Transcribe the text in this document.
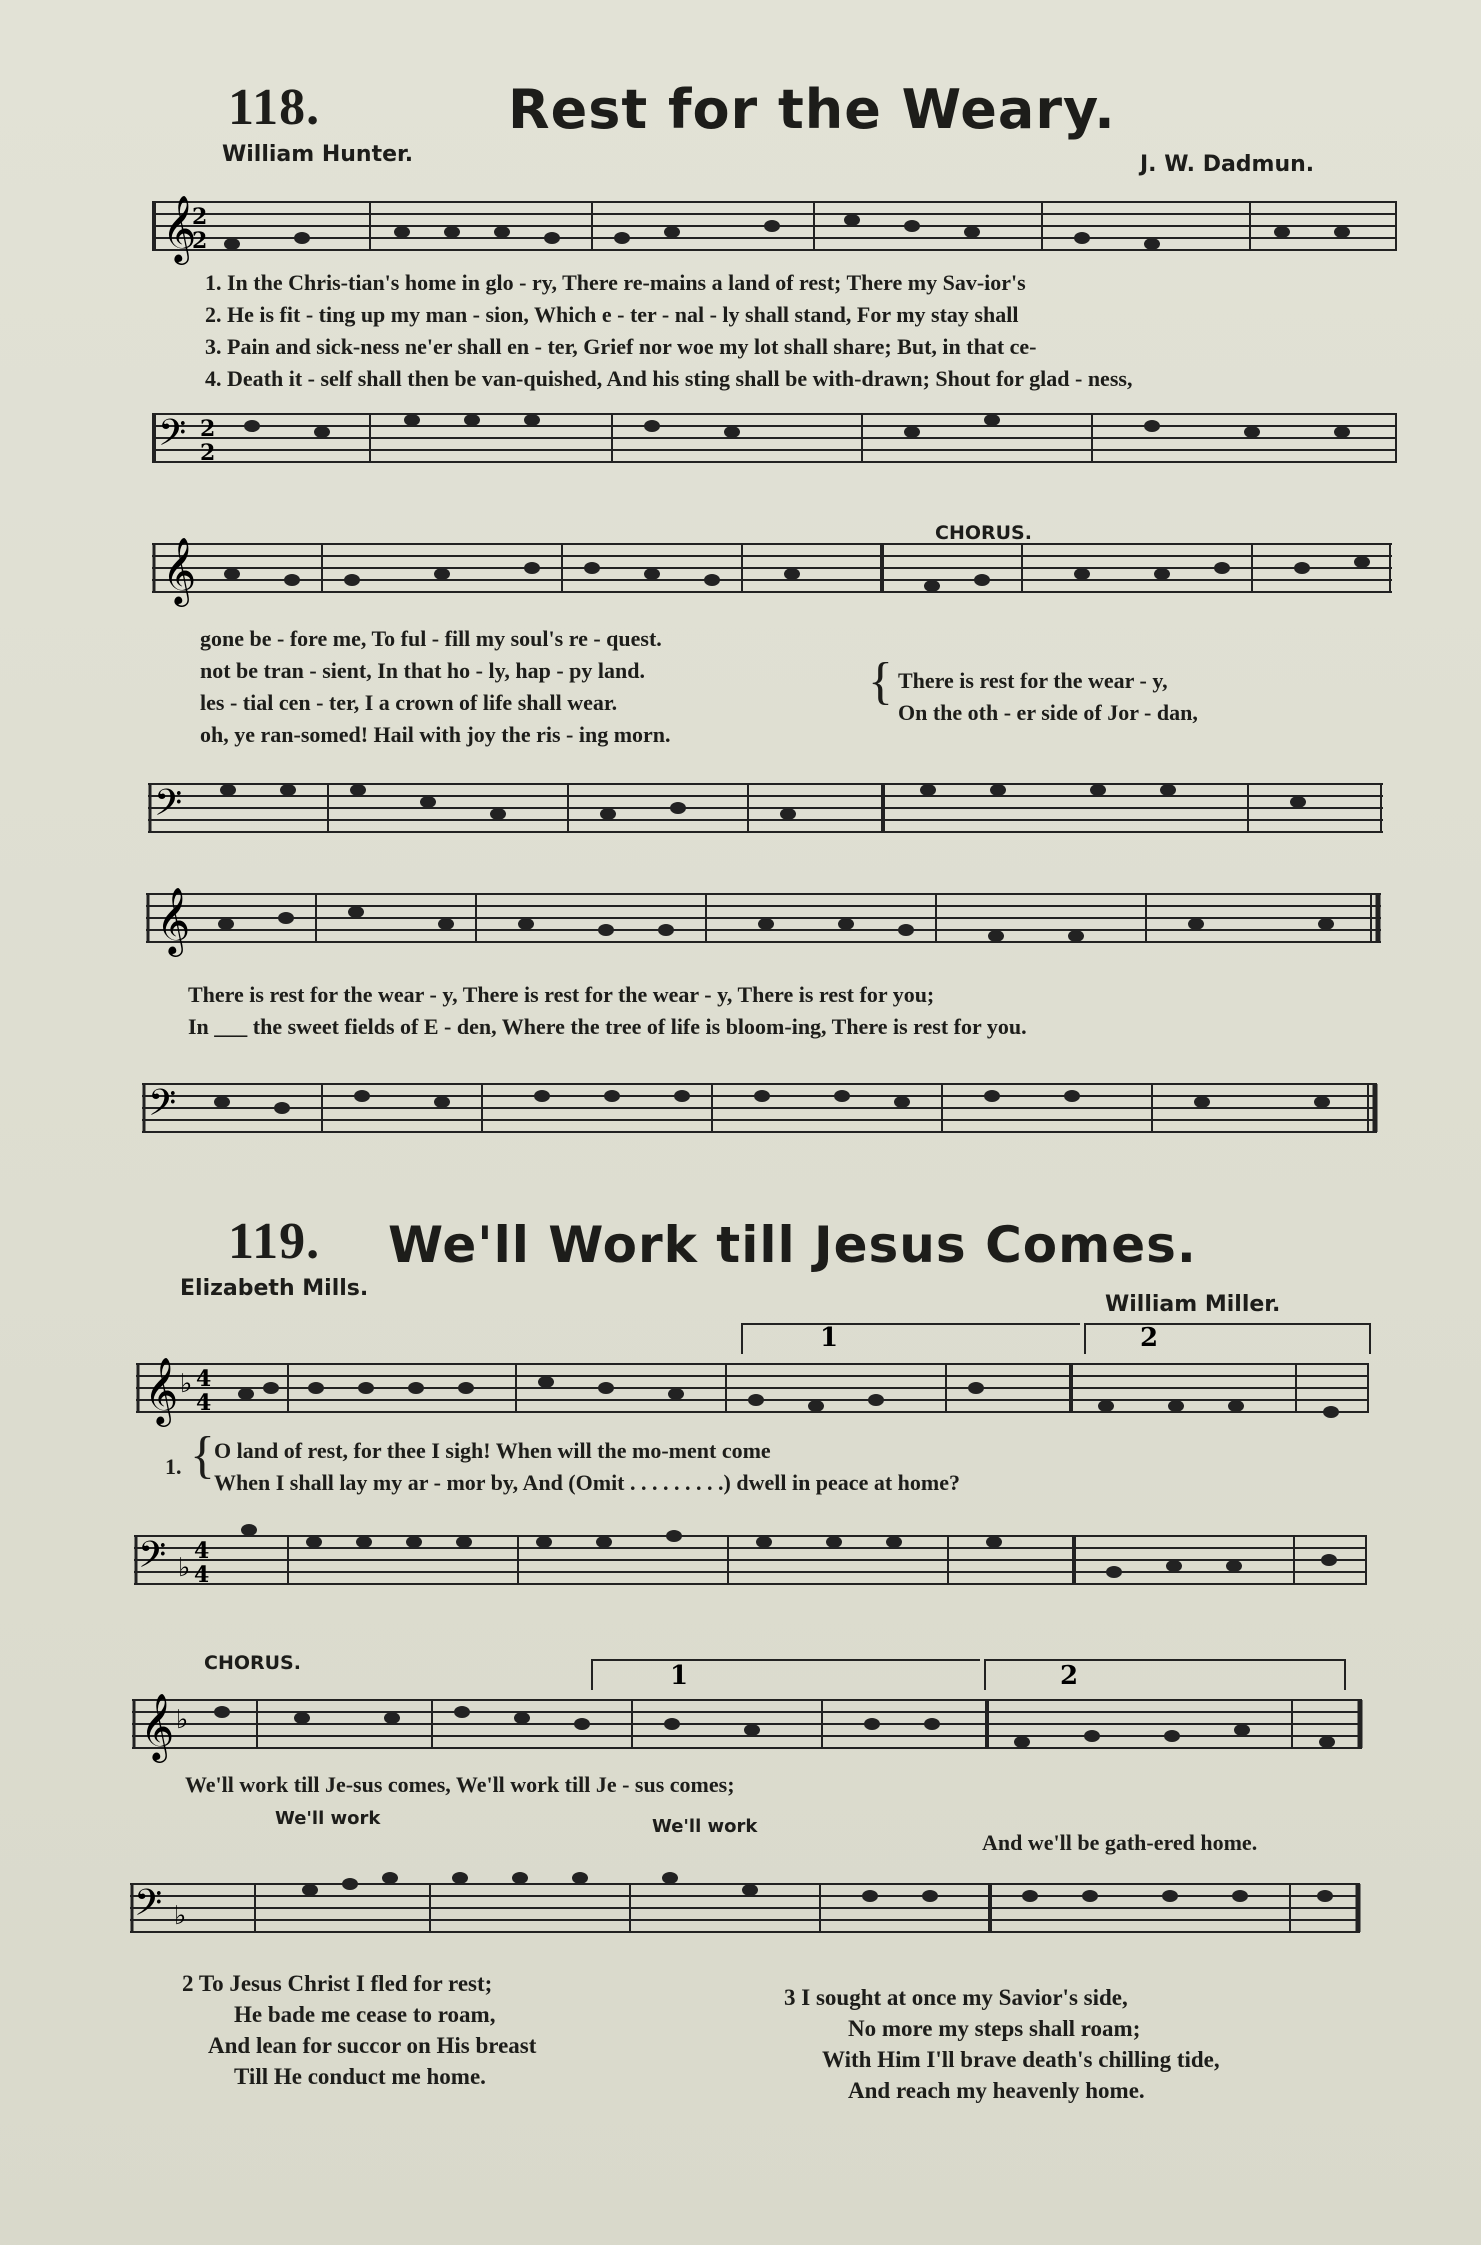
118.	Rest for the Weary.
William Hunter.	J. W. Dadmun.
𝄞
2
2
1. In the Chris-tian's home in glo - ry, There re-mains a land of rest; There my Sav-ior's
2. He is fit - ting up my man - sion, Which e - ter - nal - ly shall stand, For my stay shall
3. Pain and sick-ness ne'er shall en - ter, Grief nor woe my lot shall share; But, in that ce-
4. Death it - self shall then be van-quished, And his sting shall be with-drawn; Shout for glad - ness,
𝄢 2
2
𝄞
CHORUS.
gone be - fore me, To ful - fill my soul's re - quest.
not be tran - sient, In that ho - ly, hap - py land.
les - tial cen - ter, I a crown of life shall wear.
oh, ye ran-somed! Hail with joy the ris - ing morn.
{ There is rest for the wear - y,
On the oth - er side of Jor - dan,
𝄢
𝄞
There is rest for the wear - y, There is rest for the wear - y, There is rest for you;
In ___ the sweet fields of E - den, Where the tree of life is bloom-ing, There is rest for you.
𝄢
119. We'll Work till Jesus Comes.
Elizabeth Mills.
William Miller.
1	2
𝄞 ♭ 4
4
1. { O land of rest, for thee I sigh! When will the mo-ment come
When I shall lay my ar - mor by, And (Omit . . . . . . . . .) dwell in peace at home?
𝄢 ♭
4
4
CHORUS.	1	2
𝄞 ♭
We'll work till Je-sus comes, We'll work till Je - sus comes;
We'll work	We'll work
And we'll be gath-ered home.
𝄢 ♭
2 To Jesus Christ I fled for rest;
He bade me cease to roam,
And lean for succor on His breast
Till He conduct me home.
3 I sought at once my Savior's side,
No more my steps shall roam;
With Him I'll brave death's chilling tide,
And reach my heavenly home.
